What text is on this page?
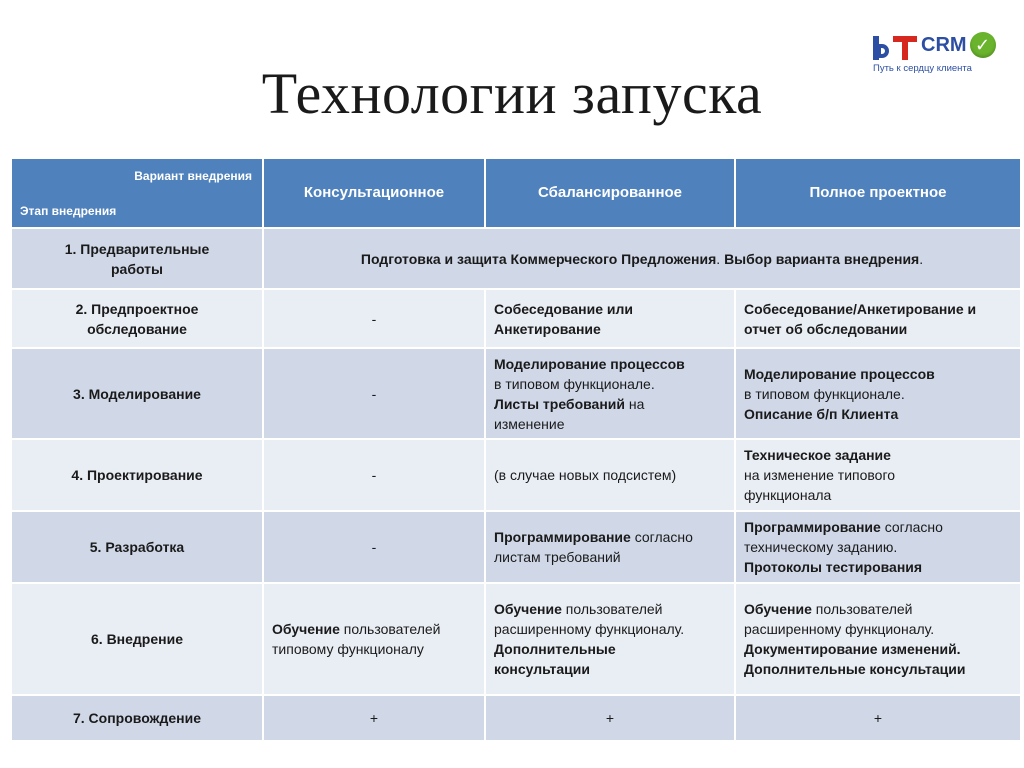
Технологии запуска
CRM ✓
Путь к сердцу клиента
Вариант внедрения
Этап внедрения	Консультационное	Сбалансированное	Полное проектное

1. Предварительные
работы	Подготовка и защита Коммерческого Предложения. Выбор варианта внедрения.		

2. Предпроектное
обследование	-	Собеседование или
Анкетирование	Собеседование/Анкетирование и
отчет об обследовании

3. Моделирование	-	Моделирование процессов
в типовом функционале.
Листы требований на
изменение	Моделирование процессов
в типовом функционале.
Описание б/п Клиента

4. Проектирование	-	(в случае новых подсистем)	Техническое задание
на изменение типового
функционала

5. Разработка	-	Программирование согласно
листам требований	Программирование согласно
техническому заданию.
Протоколы тестирования

6. Внедрение	Обучение пользователей
типовому функционалу	Обучение пользователей
расширенному функционалу.
Дополнительные
консультации	Обучение пользователей
расширенному функционалу.
Документирование изменений.
Дополнительные консультации

7. Сопровождение	+	+	+
